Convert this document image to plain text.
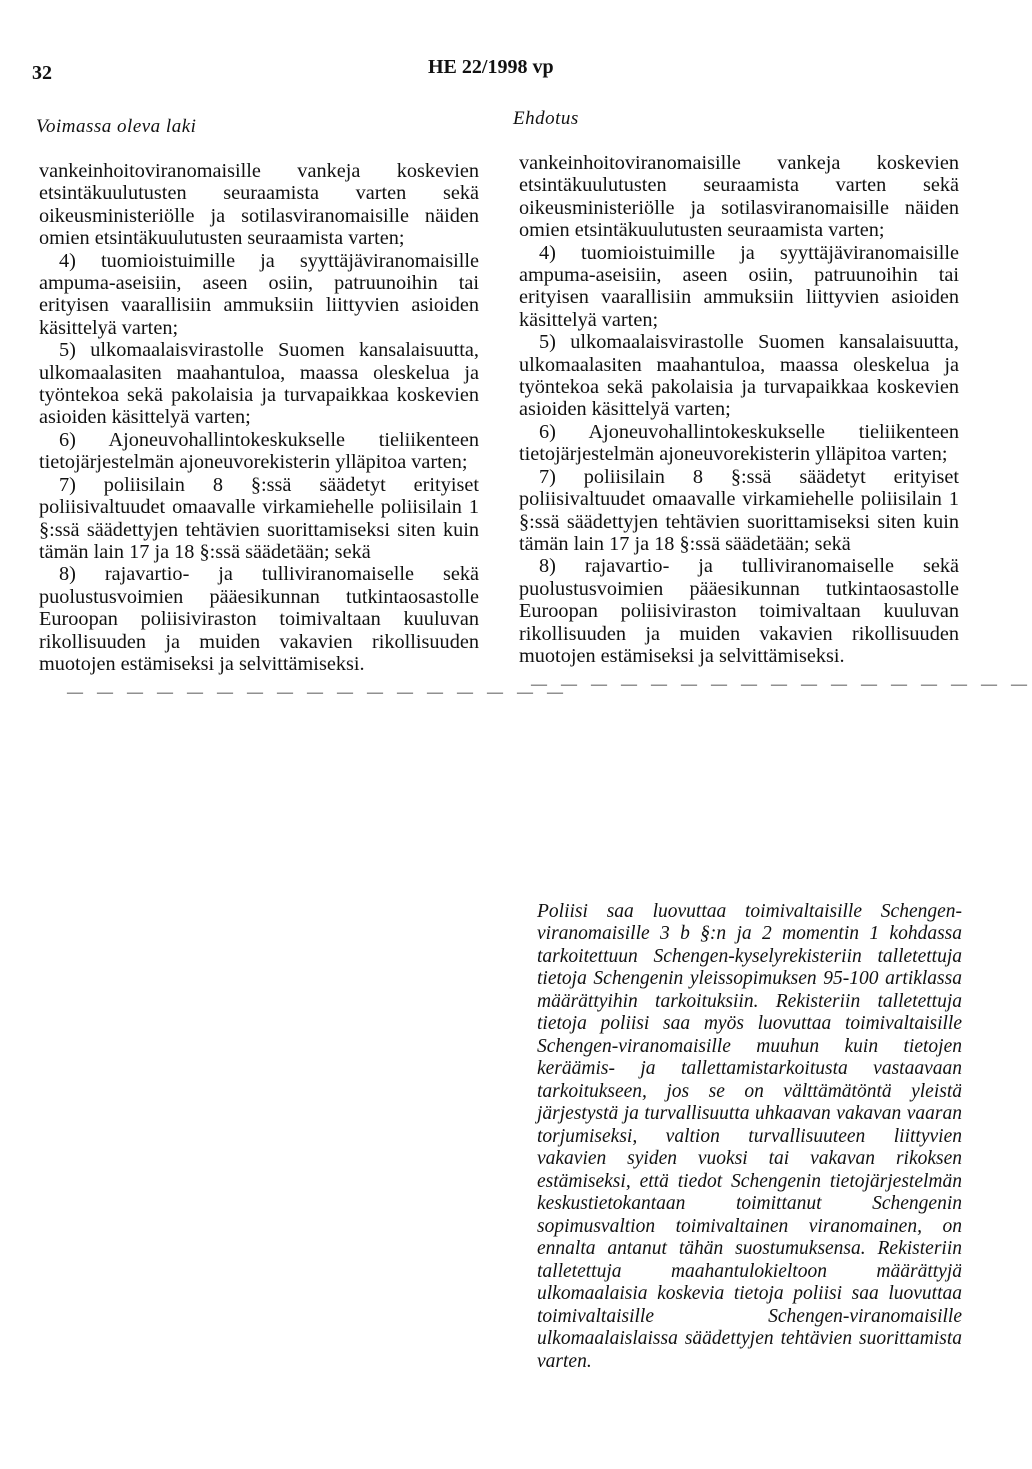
32	HE 22/1998 vp
Voimassa oleva laki	Ehdotus

vankeinhoitoviranomaisille vankeja koskevien etsintäkuulutusten seuraamista varten sekä oikeusministeriölle ja sotilasviranomaisille näiden omien etsintäkuulutusten seuraamista varten;

4) tuomioistuimille ja syyttäjäviranomaisille ampuma-aseisiin, aseen osiin, patruunoihin tai erityisen vaarallisiin ammuksiin liittyvien asioiden käsittelyä varten;

5) ulkomaalaisvirastolle Suomen kansalaisuutta, ulkomaalasiten maahantuloa, maassa oleskelua ja työntekoa sekä pakolaisia ja turvapaikkaa koskevien asioiden käsittelyä varten;

6) Ajoneuvohallintokeskukselle tieliikenteen tietojärjestelmän ajoneuvorekisterin ylläpitoa varten;

7) poliisilain 8 §:ssä säädetyt erityiset poliisivaltuudet omaavalle virkamiehelle poliisilain 1 §:ssä säädettyjen tehtävien suorittamiseksi siten kuin tämän lain 17 ja 18 §:ssä säädetään; sekä

8) rajavartio- ja tulliviranomaiselle sekä puolustusvoimien pääesikunnan tutkintaosastolle Euroopan poliisiviraston toimivaltaan kuuluvan rikollisuuden ja muiden vakavien rikollisuuden muotojen estämiseksi ja selvittämiseksi.

— — — — — — — — — — — — — — — — —

vankeinhoitoviranomaisille vankeja koskevien etsintäkuulutusten seuraamista varten sekä oikeusministeriölle ja sotilasviranomaisille näiden omien etsintäkuulutusten seuraamista varten;

4) tuomioistuimille ja syyttäjäviranomaisille ampuma-aseisiin, aseen osiin, patruunoihin tai erityisen vaarallisiin ammuksiin liittyvien asioiden käsittelyä varten;

5) ulkomaalaisvirastolle Suomen kansalaisuutta, ulkomaalasiten maahantuloa, maassa oleskelua ja työntekoa sekä pakolaisia ja turvapaikkaa koskevien asioiden käsittelyä varten;

6) Ajoneuvohallintokeskukselle tieliikenteen tietojärjestelmän ajoneuvorekisterin ylläpitoa varten;

7) poliisilain 8 §:ssä säädetyt erityiset poliisivaltuudet omaavalle virkamiehelle poliisilain 1 §:ssä säädettyjen tehtävien suorittamiseksi siten kuin tämän lain 17 ja 18 §:ssä säädetään; sekä

8) rajavartio- ja tulliviranomaiselle sekä puolustusvoimien pääesikunnan tutkintaosastolle Euroopan poliisiviraston toimivaltaan kuuluvan rikollisuuden ja muiden vakavien rikollisuuden muotojen estämiseksi ja selvittämiseksi.

— — — — — — — — — — — — — — — — —

Poliisi saa luovuttaa toimivaltaisille Schengen-viranomaisille 3 b §:n ja 2 momentin 1 kohdassa tarkoitettuun Schengen-kyselyrekisteriin talletettuja tietoja Schengenin yleissopimuksen 95-100 artiklassa määrättyihin tarkoituksiin. Rekisteriin talletettuja tietoja poliisi saa myös luovuttaa toimivaltaisille Schengen-viranomaisille muuhun kuin tietojen keräämis- ja tallettamistarkoitusta vastaavaan tarkoitukseen, jos se on välttämätöntä yleistä järjestystä ja turvallisuutta uhkaavan vakavan vaaran torjumiseksi, valtion turvallisuuteen liittyvien vakavien syiden vuoksi tai vakavan rikoksen estämiseksi, että tiedot Schengenin tietojärjestelmän keskustietokantaan toimittanut Schengenin sopimusvaltion toimivaltainen viranomainen, on ennalta antanut tähän suostumuksensa. Rekisteriin talletettuja maahantulokieltoon määrättyjä ulkomaalaisia koskevia tietoja poliisi saa luovuttaa toimivaltaisille Schengen-viranomaisille ulkomaalaislaissa säädettyjen tehtävien suorittamista varten.
